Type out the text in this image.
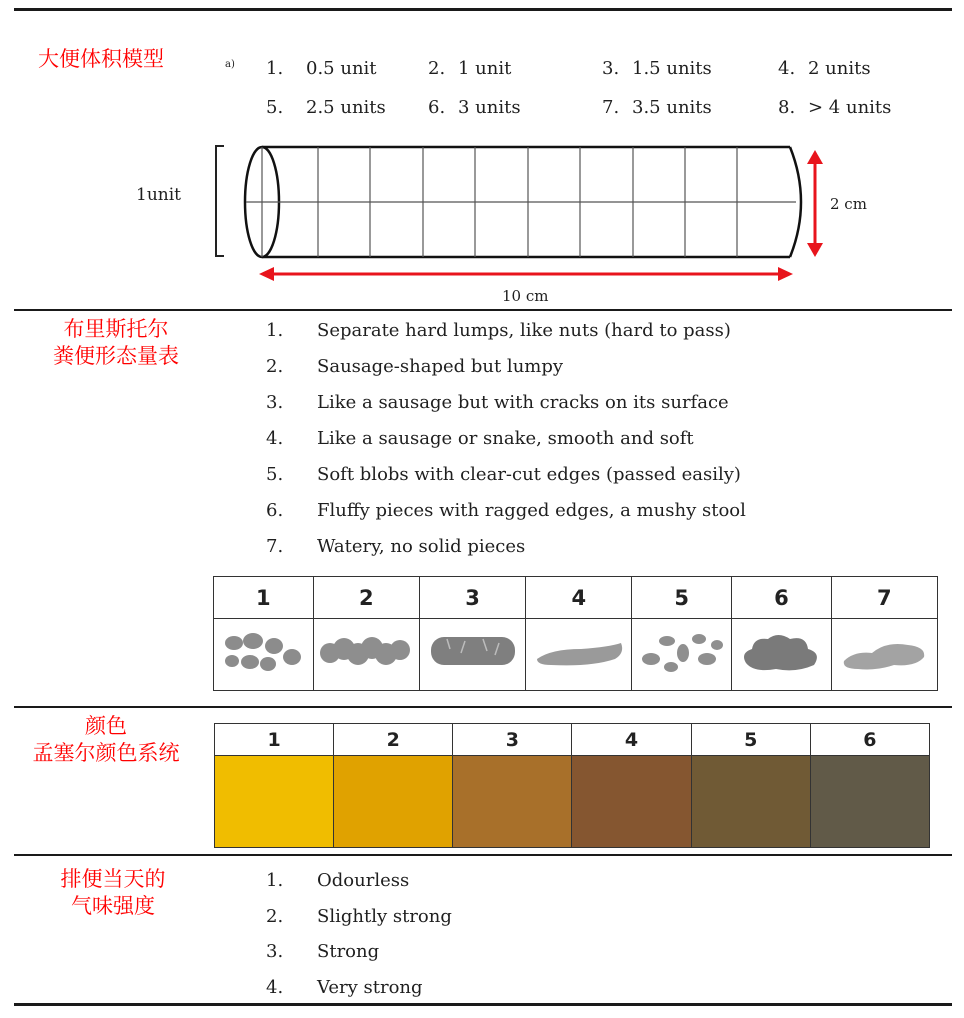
大便体积模型	a) 1. 0.5 unit	2. 1 unit	3. 1.5 units	4. 2 units
5. 2.5 units 6. 3 units	7. 3.5 units	8. > 4 units
1unit	2 cm
10 cm
布里斯托尔
粪便形态量表
1. Separate hard lumps, like nuts (hard to pass)
2. Sausage-shaped but lumpy
3. Like a sausage but with cracks on its surface
4. Like a sausage or snake, smooth and soft
5. Soft blobs with clear-cut edges (passed easily)
6. Fluffy pieces with ragged edges, a mushy stool
7. Watery, no solid pieces
1	2	3	4	5	6	7

颜色
孟塞尔颜色系统
1	2	3	4	5	6

排便当天的
气味强度
1. Odourless
2. Slightly strong
3. Strong
4. Very strong
